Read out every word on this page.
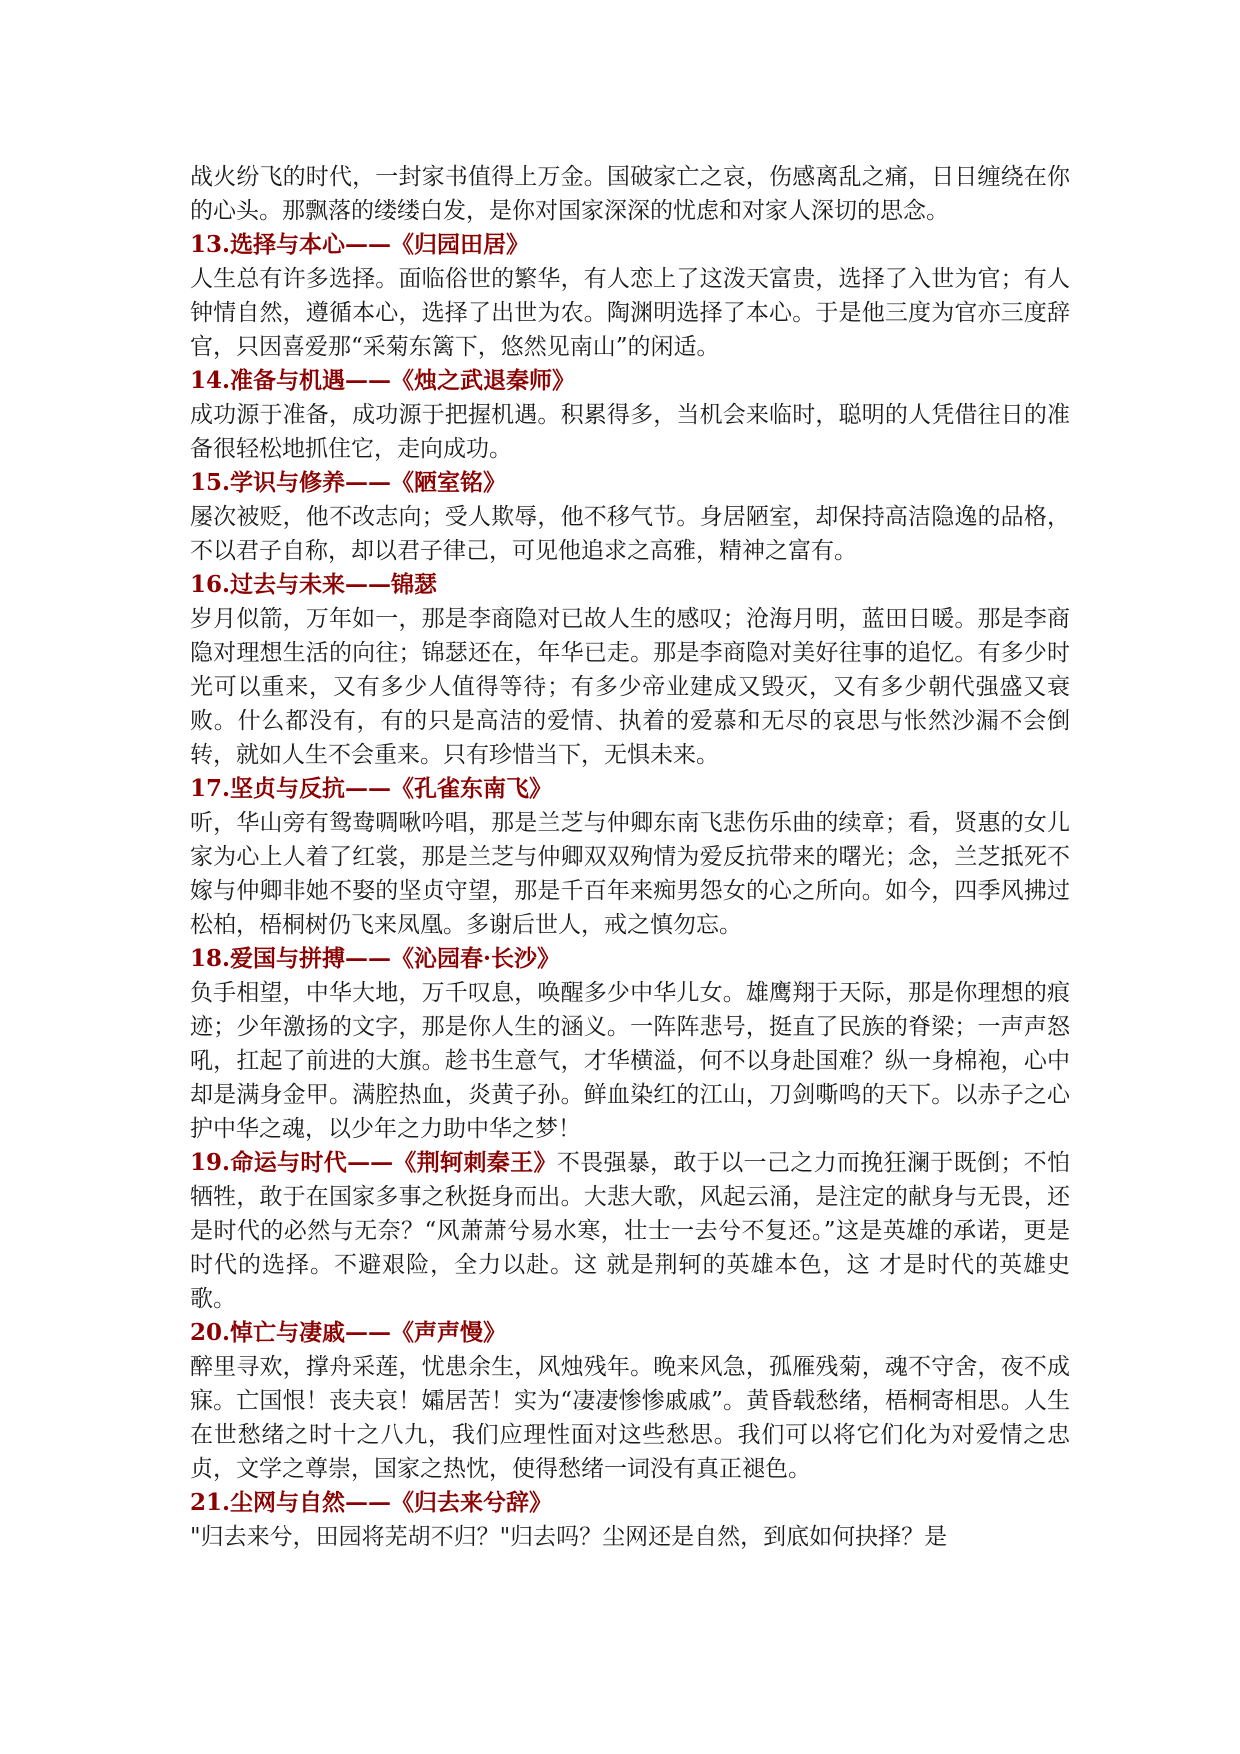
战火纷飞的时代，一封家书值得上万金。国破家亡之哀，伤感离乱之痛，日日缠绕在你的心头。那飘落的缕缕白发，是你对国家深深的忧虑和对家人深切的思念。

13.选择与本心——《归园田居》

人生总有许多选择。面临俗世的繁华，有人恋上了这泼天富贵，选择了入世为官；有人钟情自然，遵循本心，选择了出世为农。陶渊明选择了本心。于是他三度为官亦三度辞官，只因喜爱那“采菊东篱下，悠然见南山”的闲适。

14.准备与机遇——《烛之武退秦师》

成功源于准备，成功源于把握机遇。积累得多，当机会来临时，聪明的人凭借往日的准备很轻松地抓住它，走向成功。

15.学识与修养——《陋室铭》

屡次被贬，他不改志向；受人欺辱，他不移气节。身居陋室，却保持高洁隐逸的品格，不以君子自称，却以君子律己，可见他追求之高雅，精神之富有。

16.过去与未来——锦瑟

岁月似箭，万年如一，那是李商隐对已故人生的感叹；沧海月明，蓝田日暖。那是李商隐对理想生活的向往；锦瑟还在，年华已走。那是李商隐对美好往事的追忆。有多少时光可以重来，又有多少人值得等待；有多少帝业建成又毁灭，又有多少朝代强盛又衰败。什么都没有，有的只是高洁的爱情、执着的爱慕和无尽的哀思与怅然沙漏不会倒转，就如人生不会重来。只有珍惜当下，无惧未来。

17.坚贞与反抗——《孔雀东南飞》

听，华山旁有鸳鸯啁啾吟唱，那是兰芝与仲卿东南飞悲伤乐曲的续章；看，贤惠的女儿家为心上人着了红裳，那是兰芝与仲卿双双殉情为爱反抗带来的曙光；念，兰芝抵死不嫁与仲卿非她不娶的坚贞守望，那是千百年来痴男怨女的心之所向。如今，四季风拂过松柏，梧桐树仍飞来凤凰。多谢后世人，戒之慎勿忘。

18.爱国与拼搏——《沁园春·长沙》

负手相望，中华大地，万千叹息，唤醒多少中华儿女。雄鹰翔于天际，那是你理想的痕迹；少年激扬的文字，那是你人生的涵义。一阵阵悲号，挺直了民族的脊梁；一声声怒吼，扛起了前进的大旗。趁书生意气，才华横溢，何不以身赴国难？纵一身棉袍，心中却是满身金甲。满腔热血，炎黄子孙。鲜血染红的江山，刀剑嘶鸣的天下。以赤子之心护中华之魂，以少年之力助中华之梦！

19.命运与时代——《荆轲刺秦王》不畏强暴，敢于以一己之力而挽狂澜于既倒；不怕牺牲，敢于在国家多事之秋挺身而出。大悲大歌，风起云涌，是注定的献身与无畏，还是时代的必然与无奈？“风萧萧兮易水寒，壮士一去兮不复还。”这是英雄的承诺，更是时代的选择。不避艰险，全力以赴。这 就是荆轲的英雄本色，这 才是时代的英雄史歌。

20.悼亡与凄戚——《声声慢》

醉里寻欢，撑舟采莲，忧患余生，风烛残年。晚来风急，孤雁残菊，魂不守舍，夜不成寐。亡国恨！丧夫哀！孀居苦！实为“凄凄惨惨戚戚”。黄昏载愁绪，梧桐寄相思。人生在世愁绪之时十之八九，我们应理性面对这些愁思。我们可以将它们化为对爱情之忠贞，文学之尊崇，国家之热忱，使得愁绪一词没有真正褪色。

21.尘网与自然——《归去来兮辞》

"归去来兮，田园将芜胡不归？"归去吗？尘网还是自然，到底如何抉择？是
